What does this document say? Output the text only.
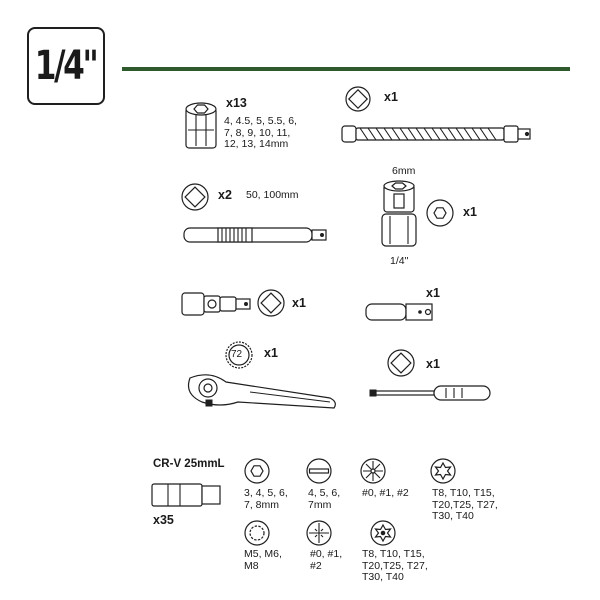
1/4"
x13
4, 4.5, 5, 5.5, 6,
7, 8, 9, 10, 11,
12, 13, 14mm
x1
x2 50, 100mm
6mm
1/4"
x1
x1
x1
72 x1
x1
CR-V 25mmL
x35
3, 4, 5, 6,
7, 8mm
4, 5, 6,
7mm
#0, #1, #2 T8, T10, T15,
T20,T25, T27,
T30, T40
M5, M6,
M8
#0, #1,
#2
T8, T10, T15,
T20,T25, T27,
T30, T40
